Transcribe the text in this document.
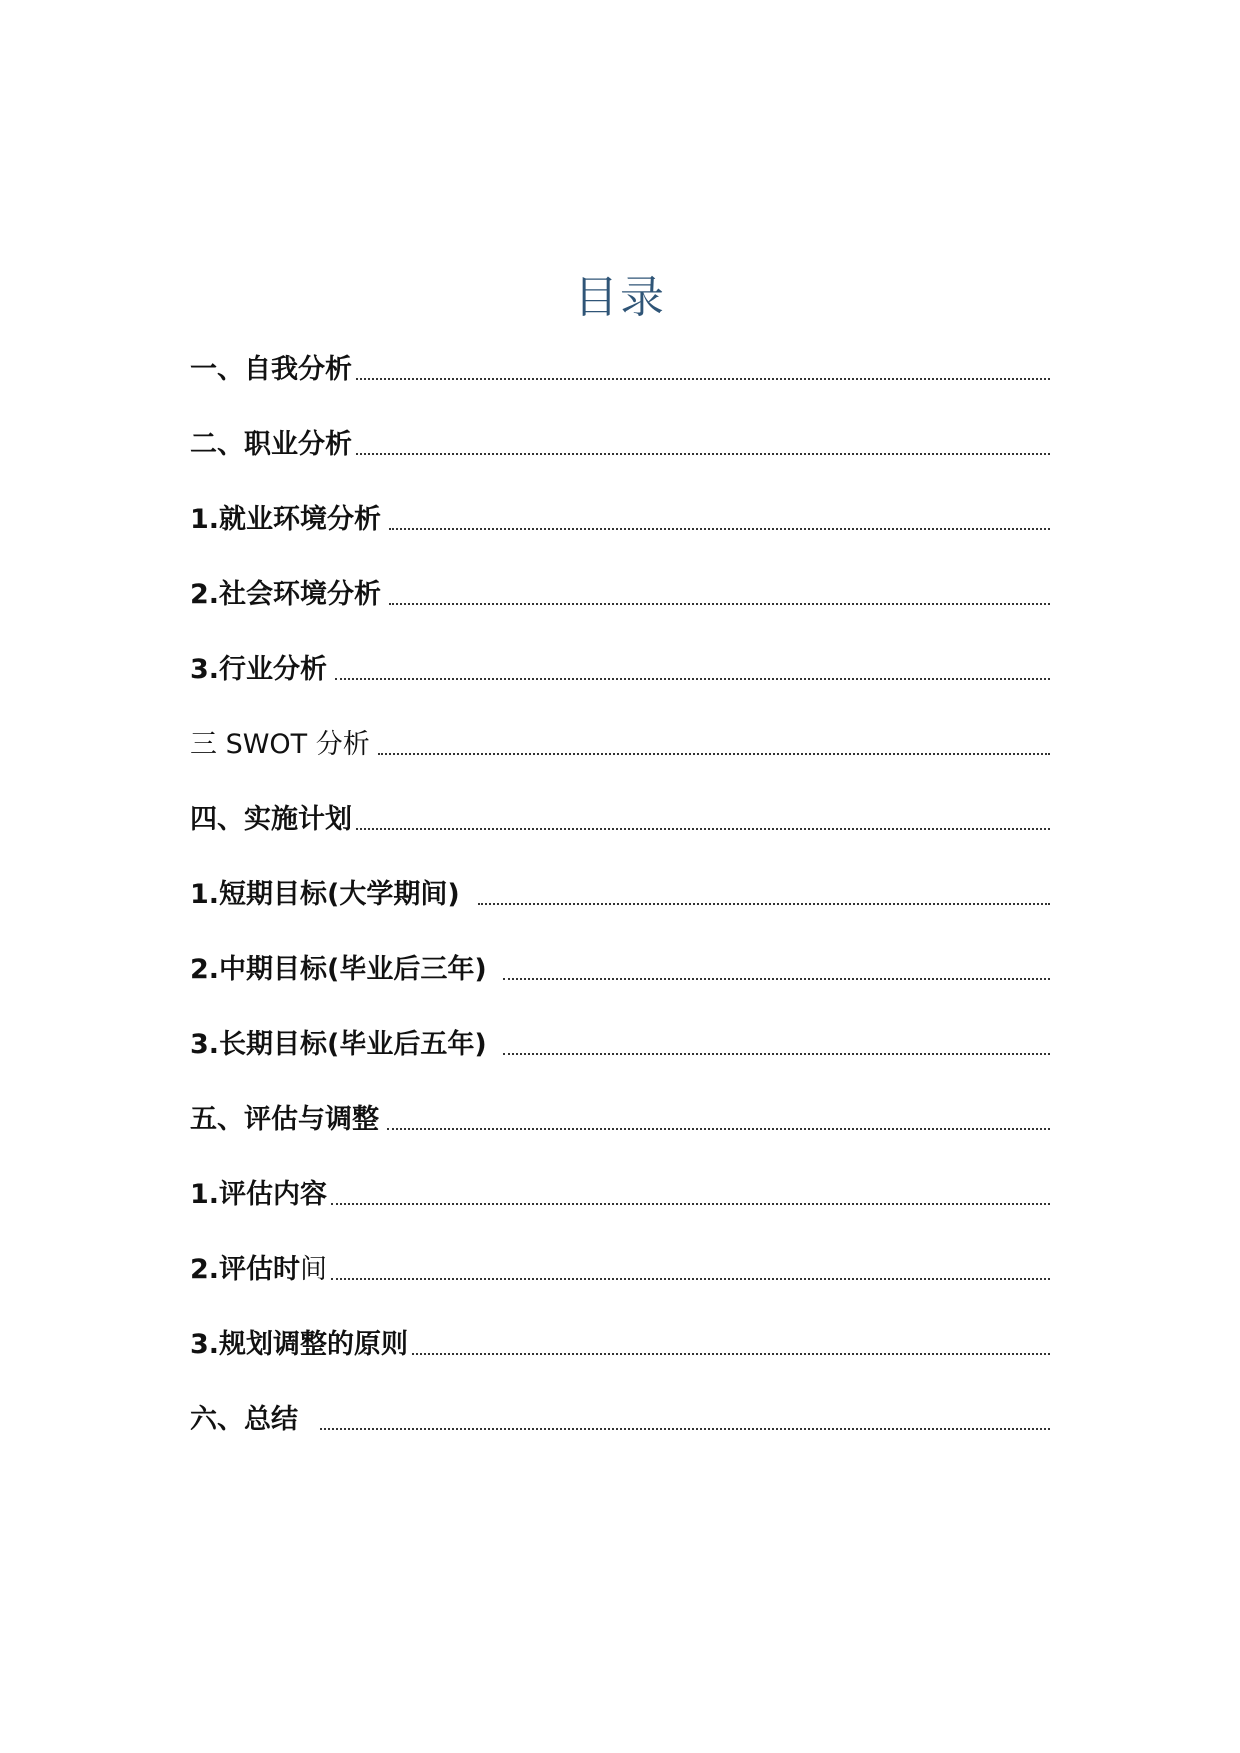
目录
一、自我分析
二、职业分析
1.就业环境分析
2.社会环境分析
3.行业分析
三 SWOT 分析
四、实施计划
1.短期目标(大学期间)
2.中期目标(毕业后三年)
3.长期目标(毕业后五年)
五、评估与调整
1.评估内容
2.评估时间
3.规划调整的原则
六、总结
